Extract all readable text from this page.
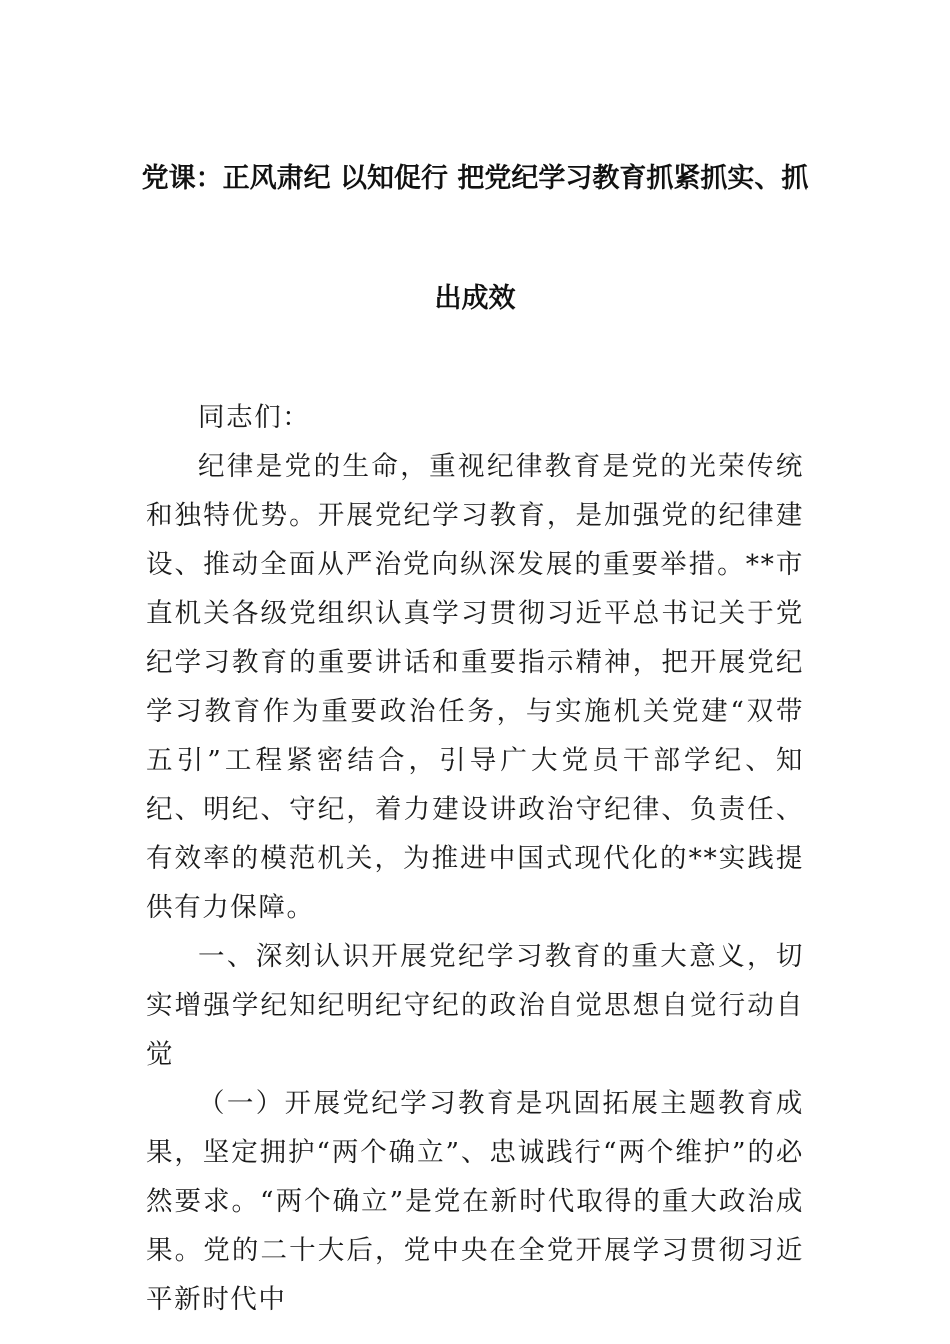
党课：正风肃纪 以知促行 把党纪学习教育抓紧抓实、抓
出成效

同志们：

纪律是党的生命，重视纪律教育是党的光荣传统和独特优势。开展党纪学习教育，是加强党的纪律建设、推动全面从严治党向纵深发展的重要举措。**市直机关各级党组织认真学习贯彻习近平总书记关于党纪学习教育的重要讲话和重要指示精神，把开展党纪学习教育作为重要政治任务，与实施机关党建“双带五引”工程紧密结合，引导广大党员干部学纪、知纪、明纪、守纪，着力建设讲政治守纪律、负责任、有效率的模范机关，为推进中国式现代化的**实践提供有力保障。

一、深刻认识开展党纪学习教育的重大意义，切实增强学纪知纪明纪守纪的政治自觉思想自觉行动自觉

（一）开展党纪学习教育是巩固拓展主题教育成果，坚定拥护“两个确立”、忠诚践行“两个维护”的必然要求。“两个确立”是党在新时代取得的重大政治成果。党的二十大后，党中央在全党开展学习贯彻习近平新时代中
